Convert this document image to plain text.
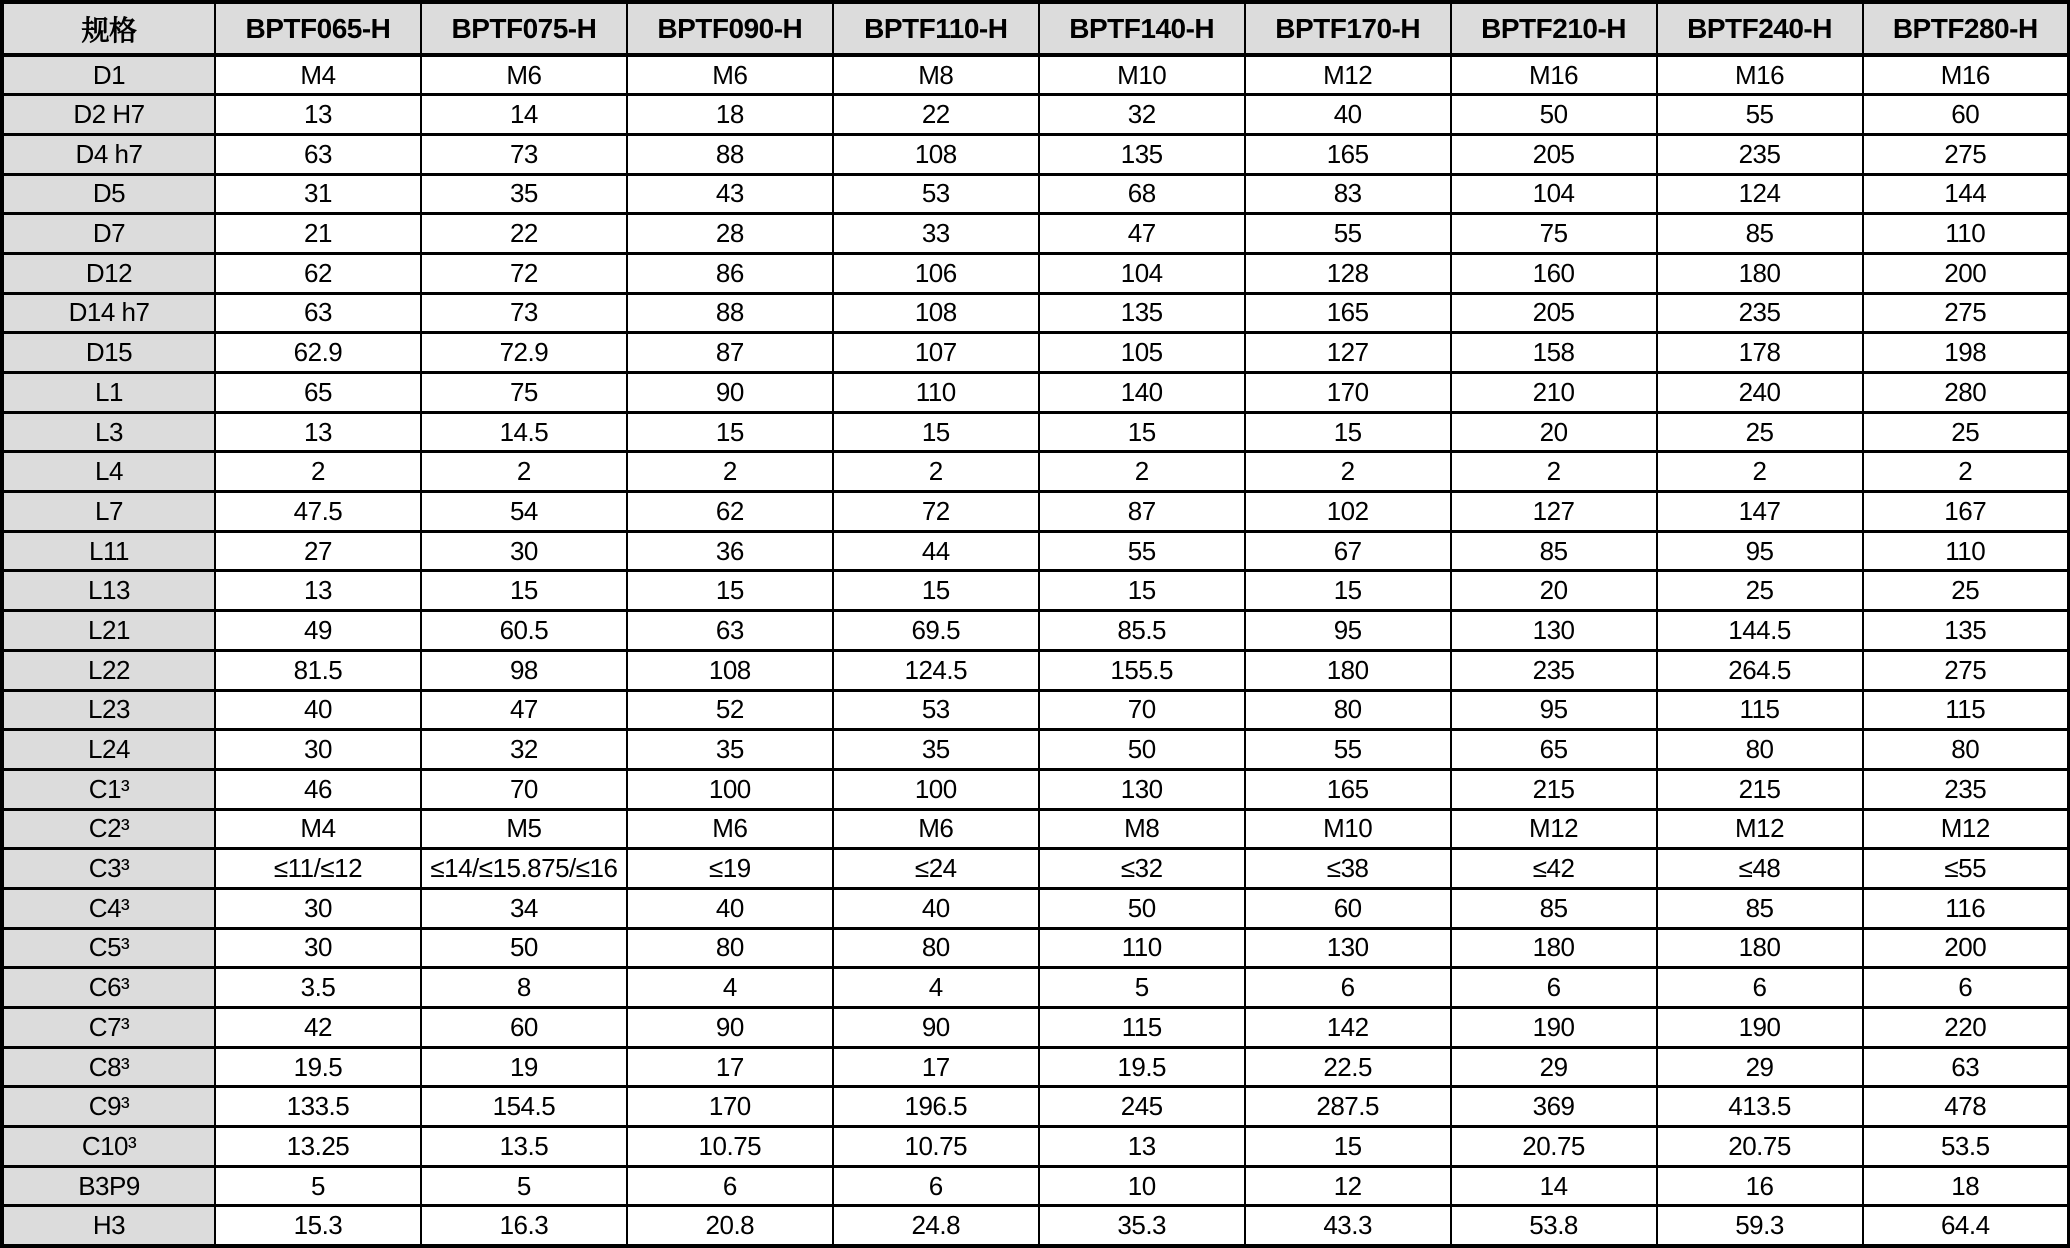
规格	BPTF065-H	BPTF075-H	BPTF090-H	BPTF110-H	BPTF140-H	BPTF170-H	BPTF210-H	BPTF240-H	BPTF280-H
D1	M4	M6	M6	M8	M10	M12	M16	M16	M16
D2 H7	13	14	18	22	32	40	50	55	60
D4 h7	63	73	88	108	135	165	205	235	275
D5	31	35	43	53	68	83	104	124	144
D7	21	22	28	33	47	55	75	85	110
D12	62	72	86	106	104	128	160	180	200
D14 h7	63	73	88	108	135	165	205	235	275
D15	62.9	72.9	87	107	105	127	158	178	198
L1	65	75	90	110	140	170	210	240	280
L3	13	14.5	15	15	15	15	20	25	25
L4	2	2	2	2	2	2	2	2	2
L7	47.5	54	62	72	87	102	127	147	167
L11	27	30	36	44	55	67	85	95	110
L13	13	15	15	15	15	15	20	25	25
L21	49	60.5	63	69.5	85.5	95	130	144.5	135
L22	81.5	98	108	124.5	155.5	180	235	264.5	275
L23	40	47	52	53	70	80	95	115	115
L24	30	32	35	35	50	55	65	80	80
C1³	46	70	100	100	130	165	215	215	235
C2³	M4	M5	M6	M6	M8	M10	M12	M12	M12
C3³	≤11/≤12	≤14/≤15.875/≤16	≤19	≤24	≤32	≤38	≤42	≤48	≤55
C4³	30	34	40	40	50	60	85	85	116
C5³	30	50	80	80	110	130	180	180	200
C6³	3.5	8	4	4	5	6	6	6	6
C7³	42	60	90	90	115	142	190	190	220
C8³	19.5	19	17	17	19.5	22.5	29	29	63
C9³	133.5	154.5	170	196.5	245	287.5	369	413.5	478
C10³	13.25	13.5	10.75	10.75	13	15	20.75	20.75	53.5
B3P9	5	5	6	6	10	12	14	16	18
H3	15.3	16.3	20.8	24.8	35.3	43.3	53.8	59.3	64.4
